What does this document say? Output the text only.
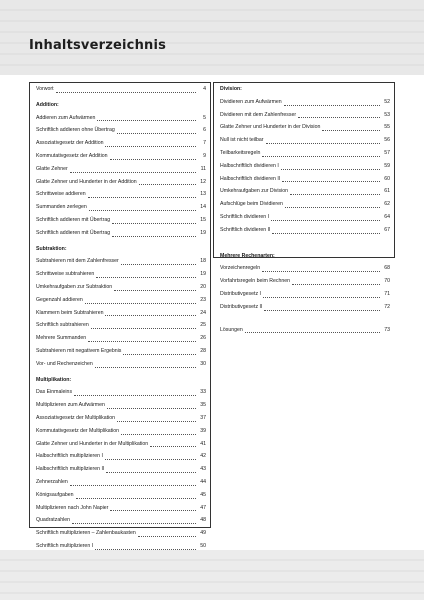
Inhaltsverzeichnis
Vorwort	4
Addition:
Addieren zum Aufwärmen	5
Schriftlich addieren ohne Übertrag	6
Assoziativgesetz der Addition	7
Kommutativgesetz der Addition	9
Glatte Zehner	11
Glatte Zehner und Hunderter in der Addition	12
Schrittweise addieren	13
Summanden zerlegen	14
Schriftlich addieren mit Übertrag	15
Schriftlich addieren mit Übertrag	19
Subtraktion:
Subtrahieren mit dem Zahlenfresser	18
Schrittweise subtrahieren	19
Umkehraufgaben zur Subtraktion	20
Gegenzahl addieren	23
Klammern beim Subtrahieren	24
Schriftlich subtrahieren	25
Mehrere Summanden	26
Subtrahieren mit negativem Ergebnis	28
Vor- und Rechenzeichen	30
Multiplikation:
Das Einmaleins	33
Multiplizieren zum Aufwärmen	35
Assoziativgesetz der Multiplikation	37
Kommutativgesetz der Multiplikation	39
Glatte Zehner und Hunderter in der Multiplikation	41
Halbschriftlich multiplizieren I	42
Halbschriftlich multiplizieren II	43
Zehnerzahlen	44
Königsaufgaben	45
Multiplizieren nach John Napier	47
Quadratzahlen	48
Schriftlich multiplizieren – Zahlenbaukasten	49
Schriftlich multiplizieren I	50
Division:
Dividieren zum Aufwärmen	52
Dividieren mit dem Zahlenfresser	53
Glatte Zehner und Hunderter in der Division	55
Null ist nicht teilbar	56
Teilbarkeitsregeln	57
Halbschriftlich dividieren I	59
Halbschriftlich dividieren II	60
Umkehraufgaben zur Division	61
Aufschlüge beim Dividieren	62
Schriftlich dividieren I	64
Schriftlich dividieren II	67
Mehrere Rechenarten:
Vorzeichenregeln	68
Vorfahrtsregeln beim Rechnen	70
Distributivgesetz I	71
Distributivgesetz II	72
Lösungen	73
